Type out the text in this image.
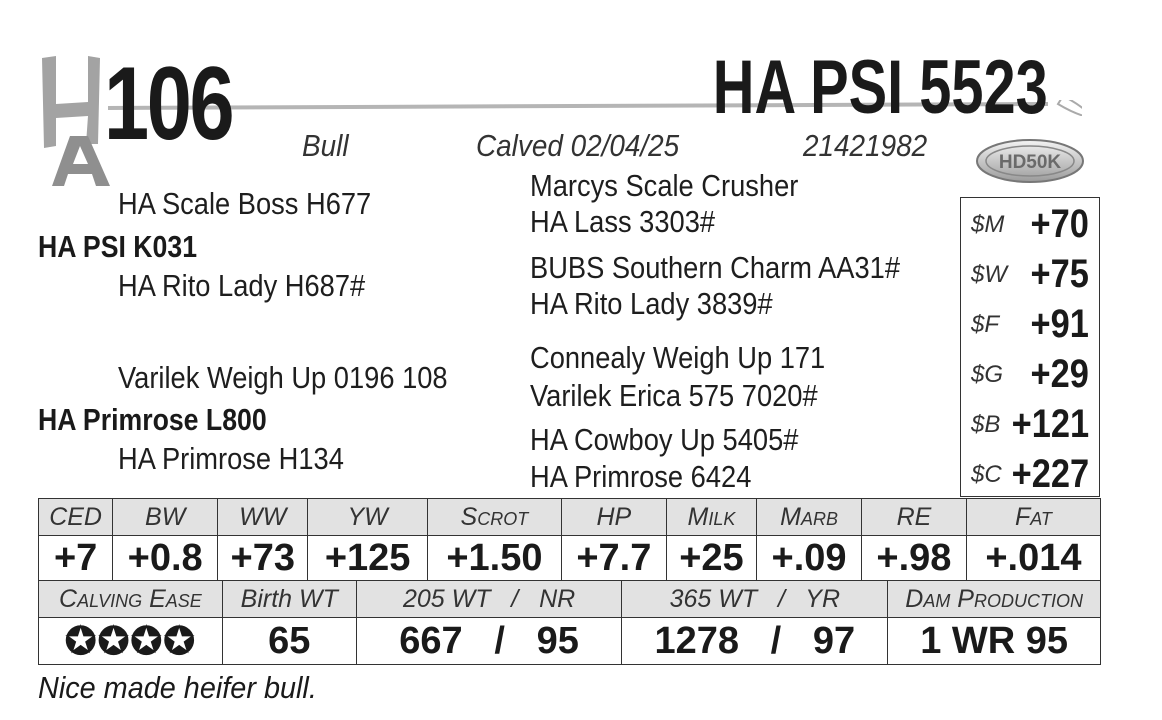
106	HA PSI 5523
Bull	Calved 02/04/25	21421982	HD50K
HA Scale Boss H677
HA PSI K031
HA Rito Lady H687#
Varilek Weigh Up 0196 108
HA Primrose L800
HA Primrose H134
Marcys Scale Crusher
HA Lass 3303#
BUBS Southern Charm AA31#
HA Rito Lady 3839#
Connealy Weigh Up 171
Varilek Erica 575 7020#
HA Cowboy Up 5405#
HA Primrose 6424
$M +70
$W +75
$F +91
$G +29
$B +121
$C +227
CED	BW	WW	YW	Scrot	HP	Milk	Marb	RE	Fat
+7	+0.8	+73	+125	+1.50	+7.7	+25	+.09	+.98	+.014
Calving Ease	Birth WT	205 WT   /   NR	365 WT   /   YR	Dam Production
✪✪✪✪	65	667   /   95	1278   /   97	1 WR 95
Nice made heifer bull.
